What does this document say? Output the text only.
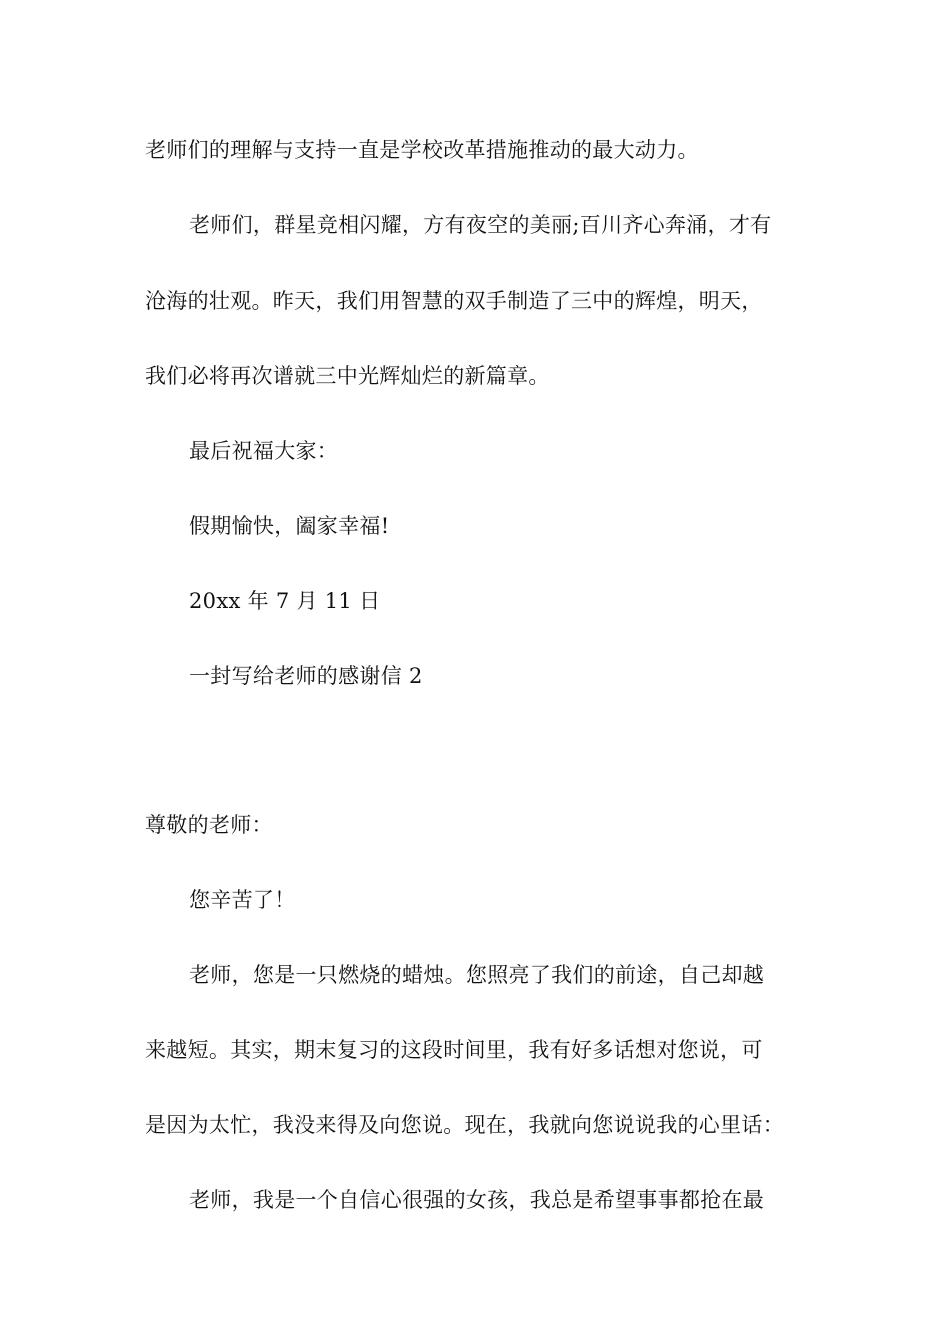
老师们的理解与支持一直是学校改革措施推动的最大动力。
老师们，群星竞相闪耀，方有夜空的美丽;百川齐心奔涌，才有
沧海的壮观。昨天，我们用智慧的双手制造了三中的辉煌，明天，
我们必将再次谱就三中光辉灿烂的新篇章。
最后祝福大家：
假期愉快，阖家幸福!
20xx 年 7 月 11 日
一封写给老师的感谢信 2
尊敬的老师：
您辛苦了！
老师，您是一只燃烧的蜡烛。您照亮了我们的前途，自己却越
来越短。其实，期末复习的这段时间里，我有好多话想对您说，可
是因为太忙，我没来得及向您说。现在，我就向您说说我的心里话：
老师，我是一个自信心很强的女孩，我总是希望事事都抢在最
